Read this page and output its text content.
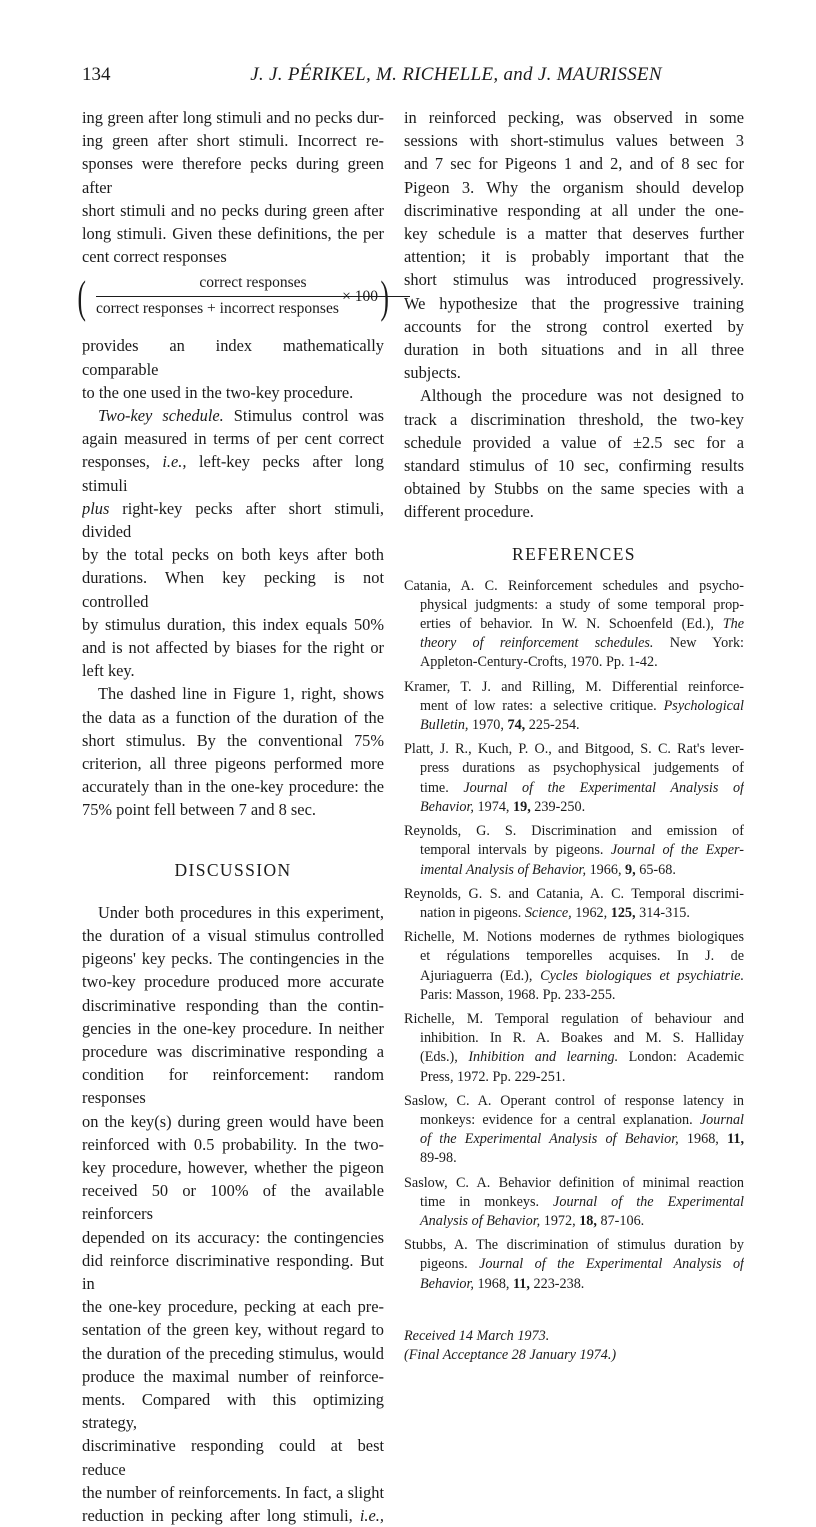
134	J. J. PÉRIKEL, M. RICHELLE, and J. MAURISSEN
ing green after long stimuli and no pecks dur-
ing green after short stimuli. Incorrect re-
sponses were therefore pecks during green after
short stimuli and no pecks during green after
long stimuli. Given these definitions, the per
cent correct responses
(	correct responses
correct responses + incorrect responses
× 100 )
provides an index mathematically comparable
to the one used in the two-key procedure.
Two-key schedule. Stimulus control was
again measured in terms of per cent correct
responses, i.e., left-key pecks after long stimuli
plus right-key pecks after short stimuli, divided
by the total pecks on both keys after both
durations. When key pecking is not controlled
by stimulus duration, this index equals 50%
and is not affected by biases for the right or
left key.
The dashed line in Figure 1, right, shows
the data as a function of the duration of the
short stimulus. By the conventional 75%
criterion, all three pigeons performed more
accurately than in the one-key procedure: the
75% point fell between 7 and 8 sec.

DISCUSSION

Under both procedures in this experiment,
the duration of a visual stimulus controlled
pigeons' key pecks. The contingencies in the
two-key procedure produced more accurate
discriminative responding than the contin-
gencies in the one-key procedure. In neither
procedure was discriminative responding a
condition for reinforcement: random responses
on the key(s) during green would have been
reinforced with 0.5 probability. In the two-
key procedure, however, whether the pigeon
received 50 or 100% of the available reinforcers
depended on its accuracy: the contingencies
did reinforce discriminative responding. But in
the one-key procedure, pecking at each pre-
sentation of the green key, without regard to
the duration of the preceding stimulus, would
produce the maximal number of reinforce-
ments. Compared with this optimizing strategy,
discriminative responding could at best reduce
the number of reinforcements. In fact, a slight
reduction in pecking after long stimuli, i.e.,
in reinforced pecking, was observed in some
sessions with short-stimulus values between 3
and 7 sec for Pigeons 1 and 2, and of 8 sec for
Pigeon 3. Why the organism should develop
discriminative responding at all under the one-
key schedule is a matter that deserves further
attention; it is probably important that the
short stimulus was introduced progressively.
We hypothesize that the progressive training
accounts for the strong control exerted by
duration in both situations and in all three
subjects.
Although the procedure was not designed to
track a discrimination threshold, the two-key
schedule provided a value of ±2.5 sec for a
standard stimulus of 10 sec, confirming results
obtained by Stubbs on the same species with a
different procedure.

REFERENCES

Catania, A. C. Reinforcement schedules and psycho-
physical judgments: a study of some temporal prop-
erties of behavior. In W. N. Schoenfeld (Ed.), The
theory of reinforcement schedules. New York:
Appleton-Century-Crofts, 1970. Pp. 1-42.
Kramer, T. J. and Rilling, M. Differential reinforce-
ment of low rates: a selective critique. Psychological
Bulletin, 1970, 74, 225-254.
Platt, J. R., Kuch, P. O., and Bitgood, S. C. Rat's lever-
press durations as psychophysical judgements of
time. Journal of the Experimental Analysis of
Behavior, 1974, 19, 239-250.
Reynolds, G. S. Discrimination and emission of
temporal intervals by pigeons. Journal of the Exper-
imental Analysis of Behavior, 1966, 9, 65-68.
Reynolds, G. S. and Catania, A. C. Temporal discrimi-
nation in pigeons. Science, 1962, 125, 314-315.
Richelle, M. Notions modernes de rythmes biologiques
et régulations temporelles acquises. In J. de
Ajuriaguerra (Ed.), Cycles biologiques et psychiatrie.
Paris: Masson, 1968. Pp. 233-255.
Richelle, M. Temporal regulation of behaviour and
inhibition. In R. A. Boakes and M. S. Halliday
(Eds.), Inhibition and learning. London: Academic
Press, 1972. Pp. 229-251.
Saslow, C. A. Operant control of response latency in
monkeys: evidence for a central explanation. Journal
of the Experimental Analysis of Behavior, 1968, 11,
89-98.
Saslow, C. A. Behavior definition of minimal reaction
time in monkeys. Journal of the Experimental
Analysis of Behavior, 1972, 18, 87-106.
Stubbs, A. The discrimination of stimulus duration by
pigeons. Journal of the Experimental Analysis of
Behavior, 1968, 11, 223-238.
Received 14 March 1973.
(Final Acceptance 28 January 1974.)
